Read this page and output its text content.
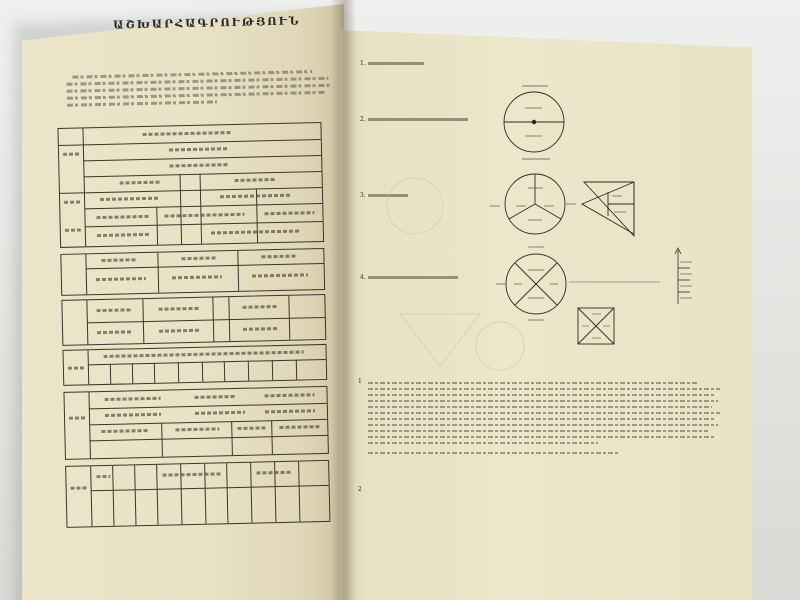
ԱՇԽԱՐՀԱԳՐՈՒԹՅՈՒՆ
1.
2.
3.
4.
1
2
